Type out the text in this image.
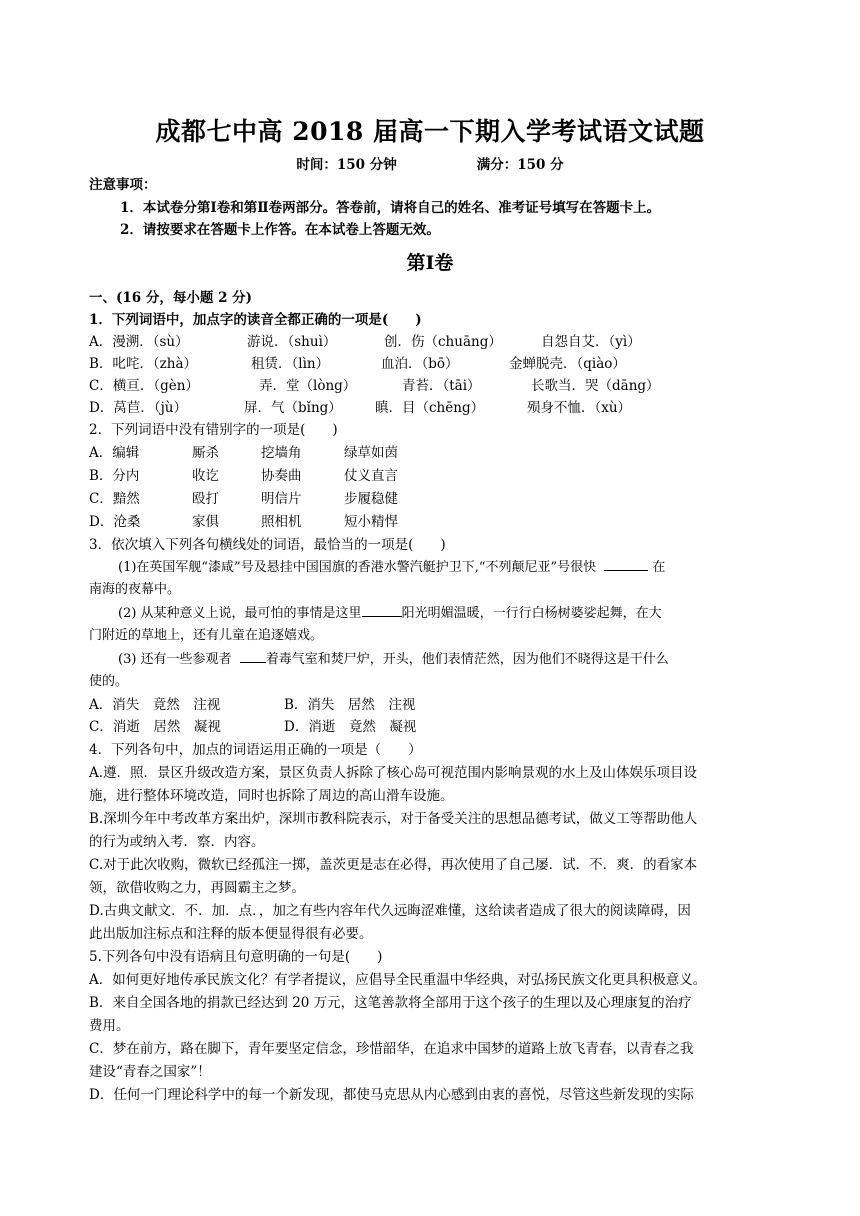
成都七中高 2018 届高一下期入学考试语文试题
时间：150 分钟	满分：150 分
注意事项：
1．本试卷分第Ⅰ卷和第Ⅱ卷两部分。答卷前，请将自己的姓名、准考证号填写在答题卡上。
2．请按要求在答题卡上作答。在本试卷上答题无效。
第Ⅰ卷
一、(16 分，每小题 2 分)
1．下列词语中，加点字的读音全都正确的一项是(　　)
A．漫溯．（sù）	游说．（shuì）	创．伤（chuāng）	自怨自艾．（yì）
B．叱咤．（zhà）	租赁．（lìn）	血泊．（bō）	金蝉脱壳．（qiào）
C．横亘．（gèn）	弄．堂（lòng）	青苔．（tāi）	长歌当．哭（dāng）
D．莴苣．（jù）	屏．气（bǐng） 瞋．目（chēng）	殒身不恤．（xù）
2．下列词语中没有错别字的一项是(　　)
A．编辑	厮杀	挖墙角	绿草如茵
B．分内	收讫	协奏曲	仗义直言
C．黯然	殴打	明信片	步履稳健
D．沧桑	家俱	照相机	短小精悍
3．依次填入下列各句横线处的词语，最恰当的一项是(　　)
(1)在英国军舰“漆咸”号及悬挂中国国旗的香港水警汽艇护卫下,“不列颠尼亚”号很快	在
南海的夜幕中。
(2) 从某种意义上说，最可怕的事情是这里	阳光明媚温暖，一行行白杨树婆娑起舞，在大
门附近的草地上，还有儿童在追逐嬉戏。
(3) 还有一些参观者	着毒气室和焚尸炉，开头，他们表情茫然，因为他们不晓得这是干什么
使的。
A．消失　竟然　注视	B．消失　居然　注视
C．消逝　居然　凝视	D．消逝　竟然　凝视
4．下列各句中，加点的词语运用正确的一项是（　　）
A.遵．照．景区升级改造方案，景区负责人拆除了核心岛可视范围内影响景观的水上及山体娱乐项目设
施，进行整体环境改造，同时也拆除了周边的高山滑车设施。
B.深圳今年中考改革方案出炉，深圳市教科院表示，对于备受关注的思想品德考试，做义工等帮助他人
的行为或纳入考．察．内容。
C.对于此次收购，微软已经孤注一掷，盖茨更是志在必得，再次使用了自己屡．试．不．爽．的看家本
领，欲借收购之力，再圆霸主之梦。
D.古典文献文．不．加．点．，加之有些内容年代久远晦涩难懂，这给读者造成了很大的阅读障碍，因
此出版加注标点和注释的版本便显得很有必要。
5.下列各句中没有语病且句意明确的一句是(　　)
A．如何更好地传承民族文化？有学者提议，应倡导全民重温中华经典，对弘扬民族文化更具积极意义。
B．来自全国各地的捐款已经达到 20 万元，这笔善款将全部用于这个孩子的生理以及心理康复的治疗
费用。
C．梦在前方，路在脚下，青年要坚定信念，珍惜韶华，在追求中国梦的道路上放飞青春，以青春之我
建设“青春之国家”！
D．任何一门理论科学中的每一个新发现，都使马克思从内心感到由衷的喜悦，尽管这些新发现的实际
